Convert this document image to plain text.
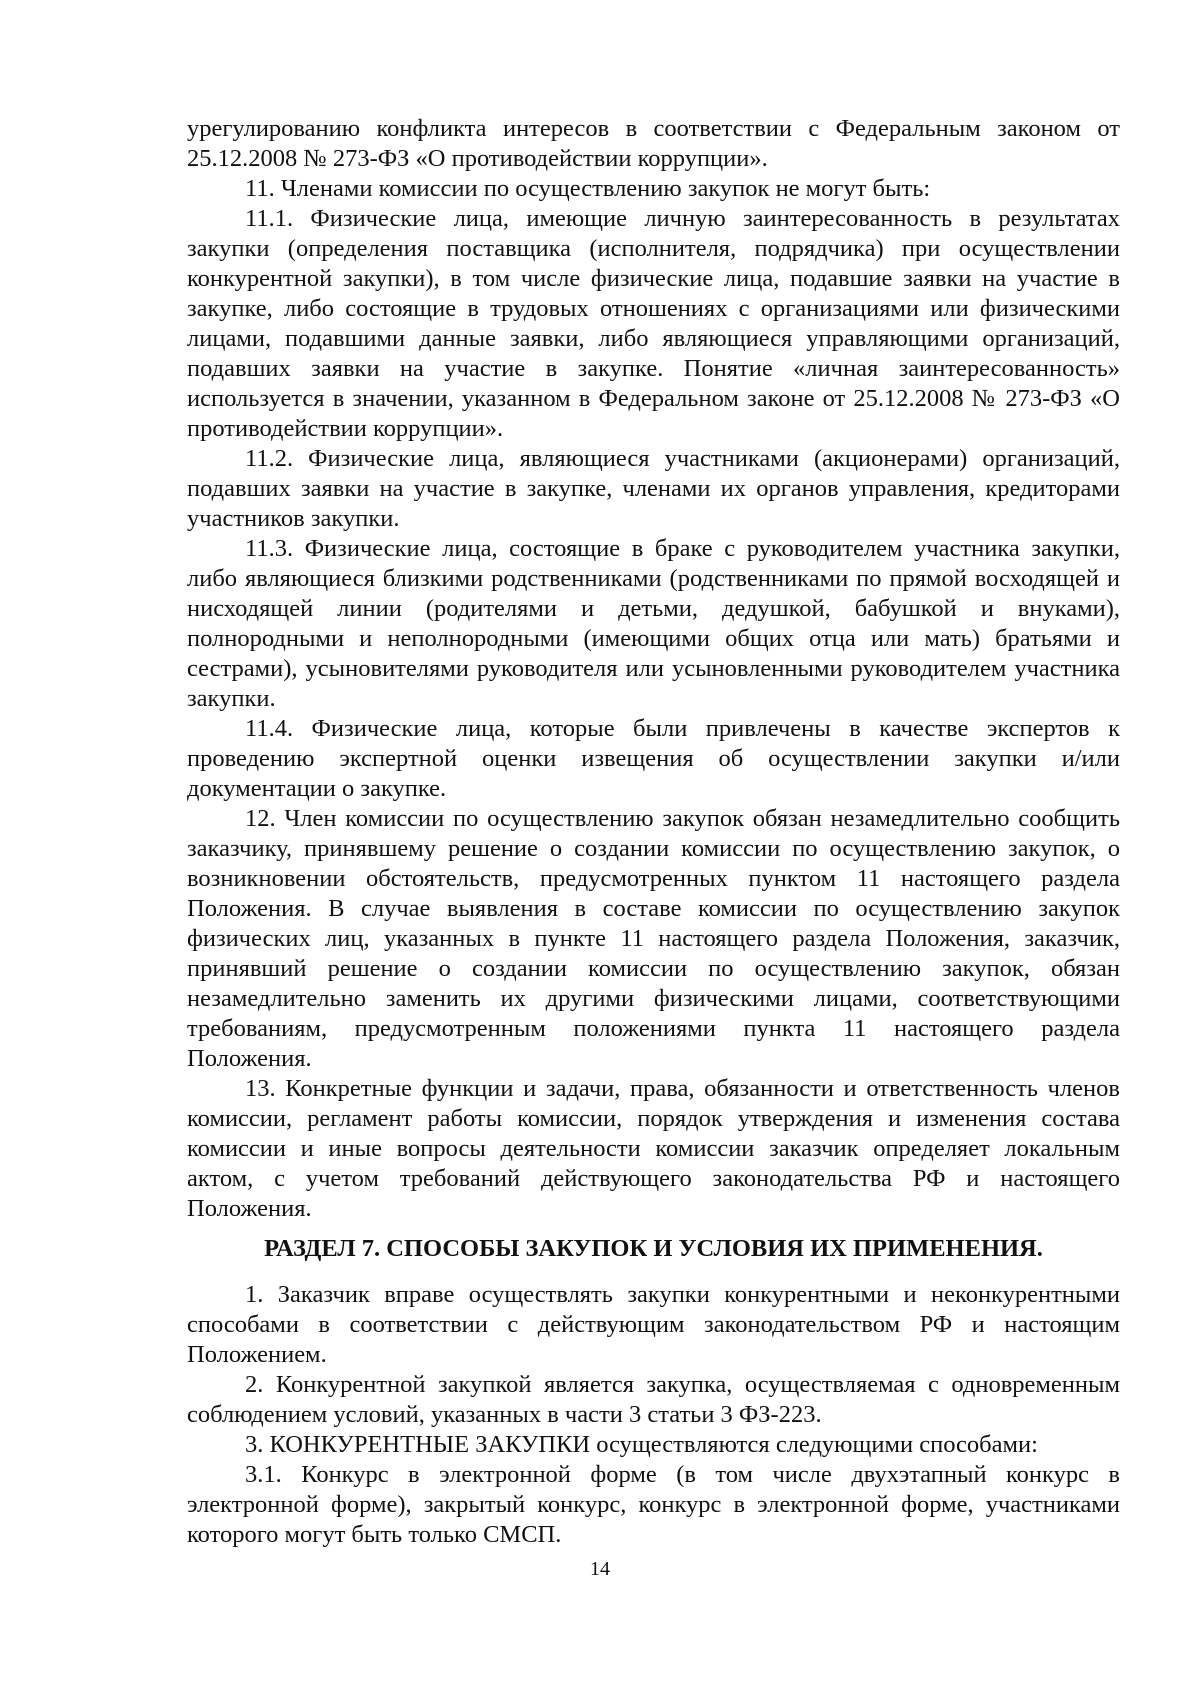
урегулированию конфликта интересов в соответствии с Федеральным законом от 25.12.2008 № 273-ФЗ «О противодействии коррупции».

11. Членами комиссии по осуществлению закупок не могут быть:

11.1. Физические лица, имеющие личную заинтересованность в результатах закупки (определения поставщика (исполнителя, подрядчика) при осуществлении конкурентной закупки), в том числе физические лица, подавшие заявки на участие в закупке, либо состоящие в трудовых отношениях с организациями или физическими лицами, подавшими данные заявки, либо являющиеся управляющими организаций, подавших заявки на участие в закупке. Понятие «личная заинтересованность» используется в значении, указанном в Федеральном законе от 25.12.2008 № 273-ФЗ «О противодействии коррупции».

11.2. Физические лица, являющиеся участниками (акционерами) организаций, подавших заявки на участие в закупке, членами их органов управления, кредиторами участников закупки.

11.3. Физические лица, состоящие в браке с руководителем участника закупки, либо являющиеся близкими родственниками (родственниками по прямой восходящей и нисходящей линии (родителями и детьми, дедушкой, бабушкой и внуками), полнородными и неполнородными (имеющими общих отца или мать) братьями и сестрами), усыновителями руководителя или усыновленными руководителем участника закупки.

11.4. Физические лица, которые были привлечены в качестве экспертов к проведению экспертной оценки извещения об осуществлении закупки и/или документации о закупке.

12. Член комиссии по осуществлению закупок обязан незамедлительно сообщить заказчику, принявшему решение о создании комиссии по осуществлению закупок, о возникновении обстоятельств, предусмотренных пунктом 11 настоящего раздела Положения. В случае выявления в составе комиссии по осуществлению закупок физических лиц, указанных в пункте 11 настоящего раздела Положения, заказчик, принявший решение о создании комиссии по осуществлению закупок, обязан незамедлительно заменить их другими физическими лицами, соответствующими требованиям, предусмотренным положениями пункта 11 настоящего раздела Положения.

13. Конкретные функции и задачи, права, обязанности и ответственность членов комиссии, регламент работы комиссии, порядок утверждения и изменения состава комиссии и иные вопросы деятельности комиссии заказчик определяет локальным актом, с учетом требований действующего законодательства РФ и настоящего Положения.

РАЗДЕЛ 7. СПОСОБЫ ЗАКУПОК И УСЛОВИЯ ИХ ПРИМЕНЕНИЯ.

1. Заказчик вправе осуществлять закупки конкурентными и неконкурентными способами в соответствии с действующим законодательством РФ и настоящим Положением.

2. Конкурентной закупкой является закупка, осуществляемая с одновременным соблюдением условий, указанных в части 3 статьи 3 ФЗ-223.

3. КОНКУРЕНТНЫЕ ЗАКУПКИ осуществляются следующими способами:

3.1. Конкурс в электронной форме (в том числе двухэтапный конкурс в электронной форме), закрытый конкурс, конкурс в электронной форме, участниками которого могут быть только СМСП.

14
